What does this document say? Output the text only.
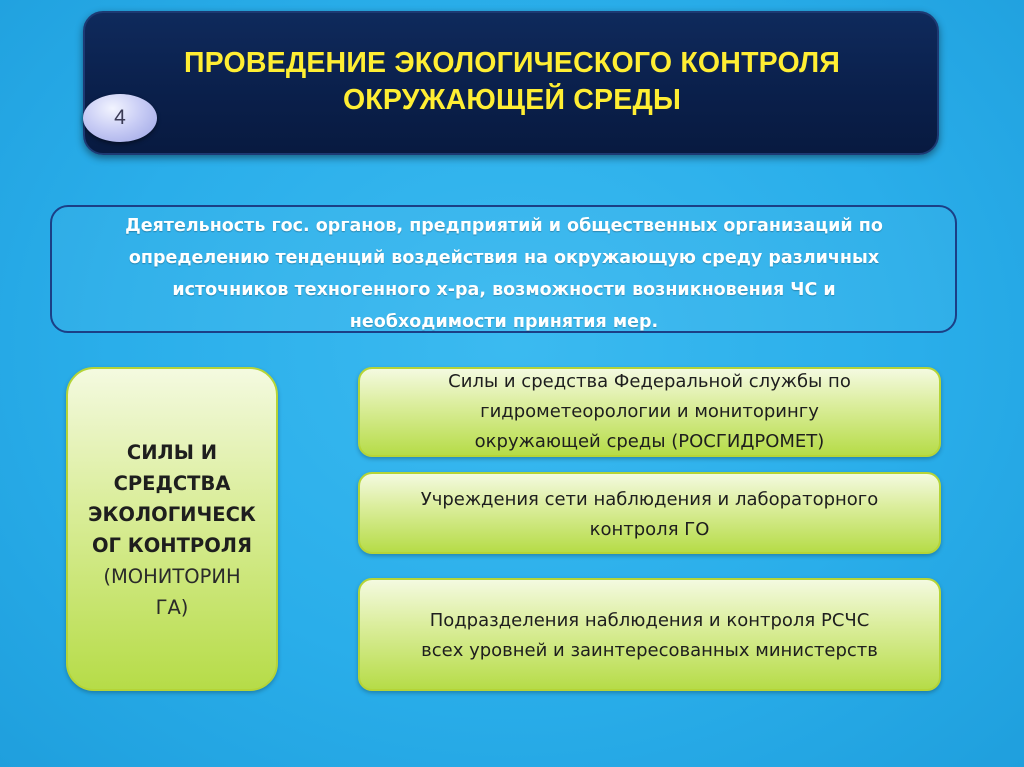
ПРОВЕДЕНИЕ ЭКОЛОГИЧЕСКОГО КОНТРОЛЯ
ОКРУЖАЮЩЕЙ СРЕДЫ
4
Деятельность гос. органов, предприятий и общественных организаций по
определению тенденций воздействия на окружающую среду различных
источников техногенного х-ра, возможности возникновения ЧС и
необходимости принятия мер.
СИЛЫ И
СРЕДСТВА
ЭКОЛОГИЧЕСК
ОГ КОНТРОЛЯ
(МОНИТОРИН
ГА)
Силы и средства Федеральной службы по
гидрометеорологии и мониторингу
окружающей среды (РОСГИДРОМЕТ)
Учреждения сети наблюдения и лабораторного
контроля ГО
Подразделения наблюдения и контроля РСЧС
всех уровней и заинтересованных министерств
